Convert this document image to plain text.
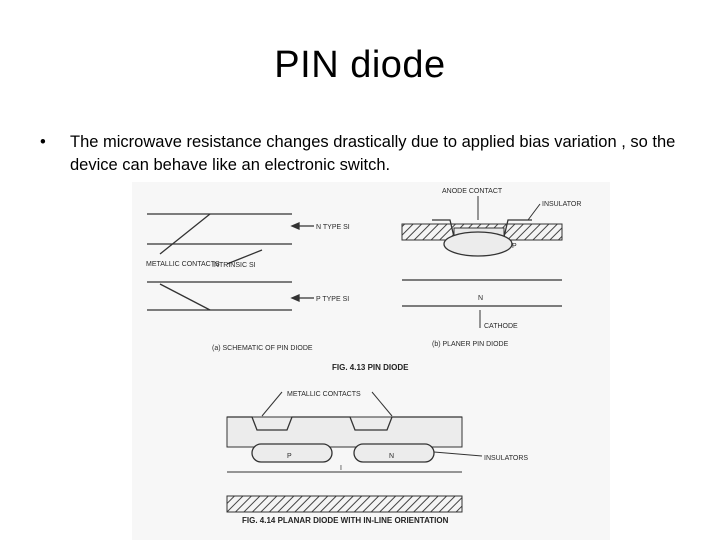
PIN diode
• The microwave resistance changes drastically due to applied bias variation , so the device can behave like an electronic switch.
N TYPE SI
METALLIC CONTACTS
INTRINSIC SI
P TYPE SI
(a) SCHEMATIC OF PIN DIODE
ANODE CONTACT
INSULATOR
P
N
CATHODE
(b) PLANER PIN DIODE
FIG. 4.13 PIN DIODE
METALLIC CONTACTS
P
I
N	INSULATORS
FIG. 4.14 PLANAR DIODE WITH IN-LINE ORIENTATION
